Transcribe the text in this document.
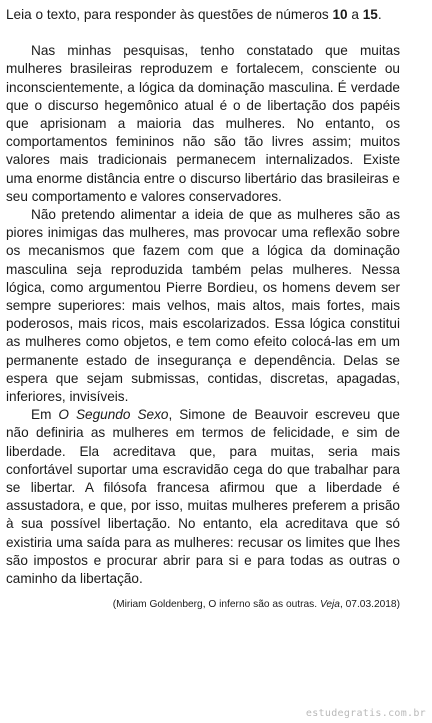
Leia o texto, para responder às questões de números 10 a 15.

Nas minhas pesquisas, tenho constatado que muitas mulheres brasileiras reproduzem e fortalecem, consciente ou inconscientemente, a lógica da dominação masculina. É verdade que o discurso hegemônico atual é o de libertação dos papéis que aprisionam a maioria das mulheres. No entanto, os comportamentos femininos não são tão livres assim; muitos valores mais tradicionais permanecem internalizados. Existe uma enorme distância entre o discurso libertário das brasileiras e seu comportamento e valores conservadores.

Não pretendo alimentar a ideia de que as mulheres são as piores inimigas das mulheres, mas provocar uma reflexão sobre os mecanismos que fazem com que a lógica da dominação masculina seja reproduzida também pelas mulheres. Nessa lógica, como argumentou Pierre Bordieu, os homens devem ser sempre superiores: mais velhos, mais altos, mais fortes, mais poderosos, mais ricos, mais escolarizados. Essa lógica constitui as mulheres como objetos, e tem como efeito colocá-las em um permanente estado de insegurança e dependência. Delas se espera que sejam submissas, contidas, discretas, apagadas, inferiores, invisíveis.

Em O Segundo Sexo, Simone de Beauvoir escreveu que não definiria as mulheres em termos de felicidade, e sim de liberdade. Ela acreditava que, para muitas, seria mais confortável suportar uma escravidão cega do que trabalhar para se libertar. A filósofa francesa afirmou que a liberdade é assustadora, e que, por isso, muitas mulheres preferem a prisão à sua possível libertação. No entanto, ela acreditava que só existiria uma saída para as mulheres: recusar os limites que lhes são impostos e procurar abrir para si e para todas as outras o caminho da libertação.

(Miriam Goldenberg, O inferno são as outras. Veja, 07.03.2018)

estudegratis.com.br
